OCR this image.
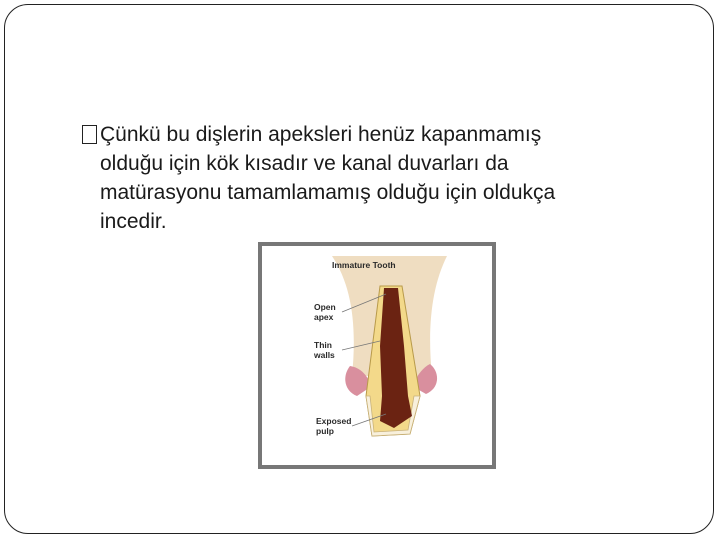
Çünkü bu dişlerin apeksleri henüz kapanmamış
olduğu için kök kısadır ve kanal duvarları da
matürasyonu tamamlamamış olduğu için oldukça
incedir.
Immature Tooth
Open
apex
Thin
walls
Exposed
pulp
